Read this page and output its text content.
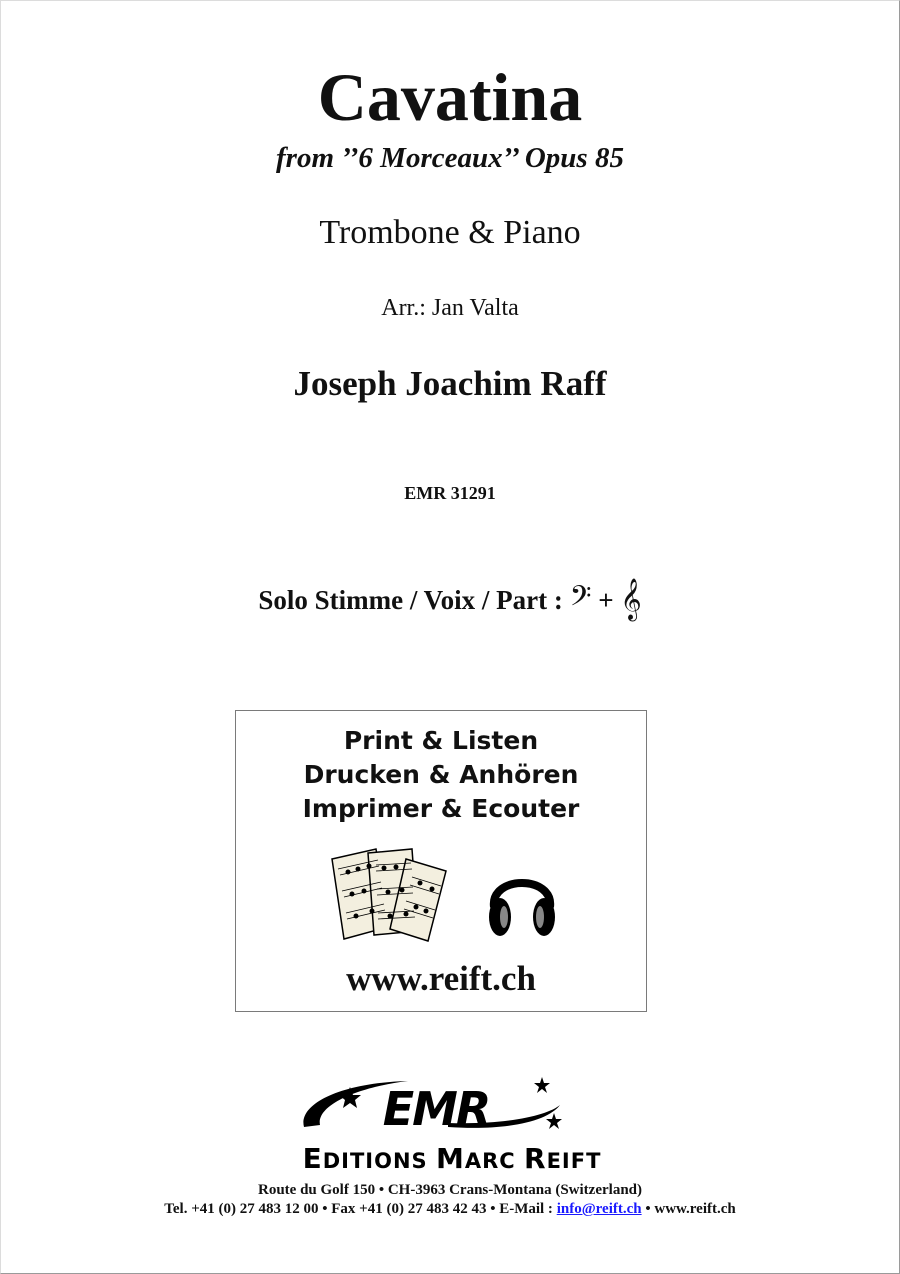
Cavatina
from ’’6 Morceaux’’ Opus 85
Trombone & Piano
Arr.: Jan Valta
Joseph Joachim Raff
EMR 31291
Solo Stimme / Voix / Part : 𝄢 + 𝄞
Print & Listen
Drucken & Anhören
Imprimer & Ecouter
www.reift.ch
EMR
EDITIONS MARC REIFT
Route du Golf 150 • CH-3963 Crans-Montana (Switzerland)
Tel. +41 (0) 27 483 12 00 • Fax +41 (0) 27 483 42 43 • E-Mail : info@reift.ch • www.reift.ch
